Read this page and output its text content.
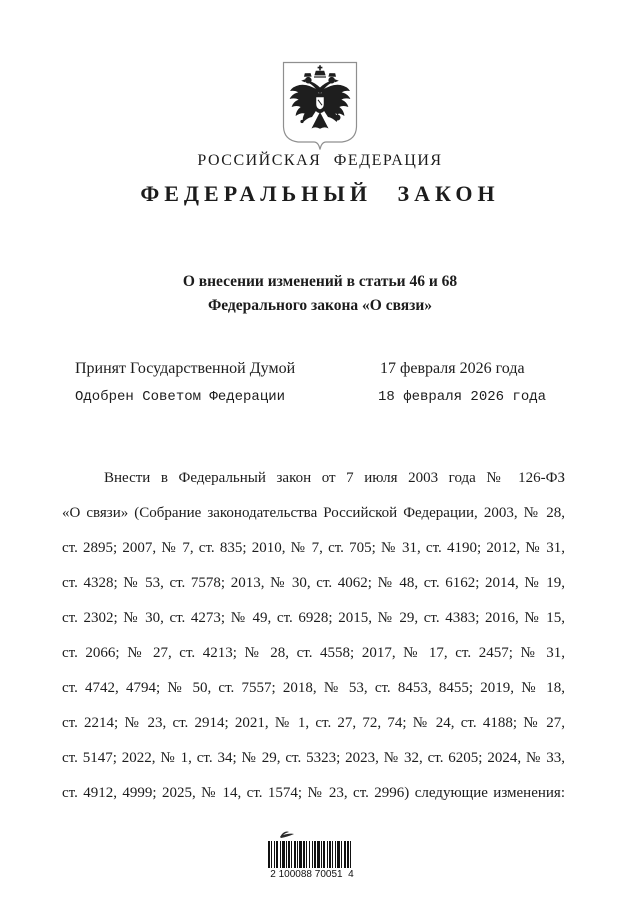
РОССИЙСКАЯ ФЕДЕРАЦИЯ
ФЕДЕРАЛЬНЫЙ ЗАКОН
О внесении изменений в статьи 46 и 68
Федерального закона «О связи»
Принят Государственной Думой	17 февраля 2026 года
Одобрен Советом Федерации	18 февраля 2026 года
Внести в Федеральный закон от 7 июля 2003 года № 126-ФЗ
«О связи» (Собрание законодательства Российской Федерации, 2003, № 28,
ст. 2895; 2007, № 7, ст. 835; 2010, № 7, ст. 705; № 31, ст. 4190; 2012, № 31,
ст. 4328; № 53, ст. 7578; 2013, № 30, ст. 4062; № 48, ст. 6162; 2014, № 19,
ст. 2302; № 30, ст. 4273; № 49, ст. 6928; 2015, № 29, ст. 4383; 2016, № 15,
ст. 2066; № 27, ст. 4213; № 28, ст. 4558; 2017, № 17, ст. 2457; № 31,
ст. 4742, 4794; № 50, ст. 7557; 2018, № 53, ст. 8453, 8455; 2019, № 18,
ст. 2214; № 23, ст. 2914; 2021, № 1, ст. 27, 72, 74; № 24, ст. 4188; № 27,
ст. 5147; 2022, № 1, ст. 34; № 29, ст. 5323; 2023, № 32, ст. 6205; 2024, № 33,
ст. 4912, 4999; 2025, № 14, ст. 1574; № 23, ст. 2996) следующие изменения:
2 100088 70051  4
